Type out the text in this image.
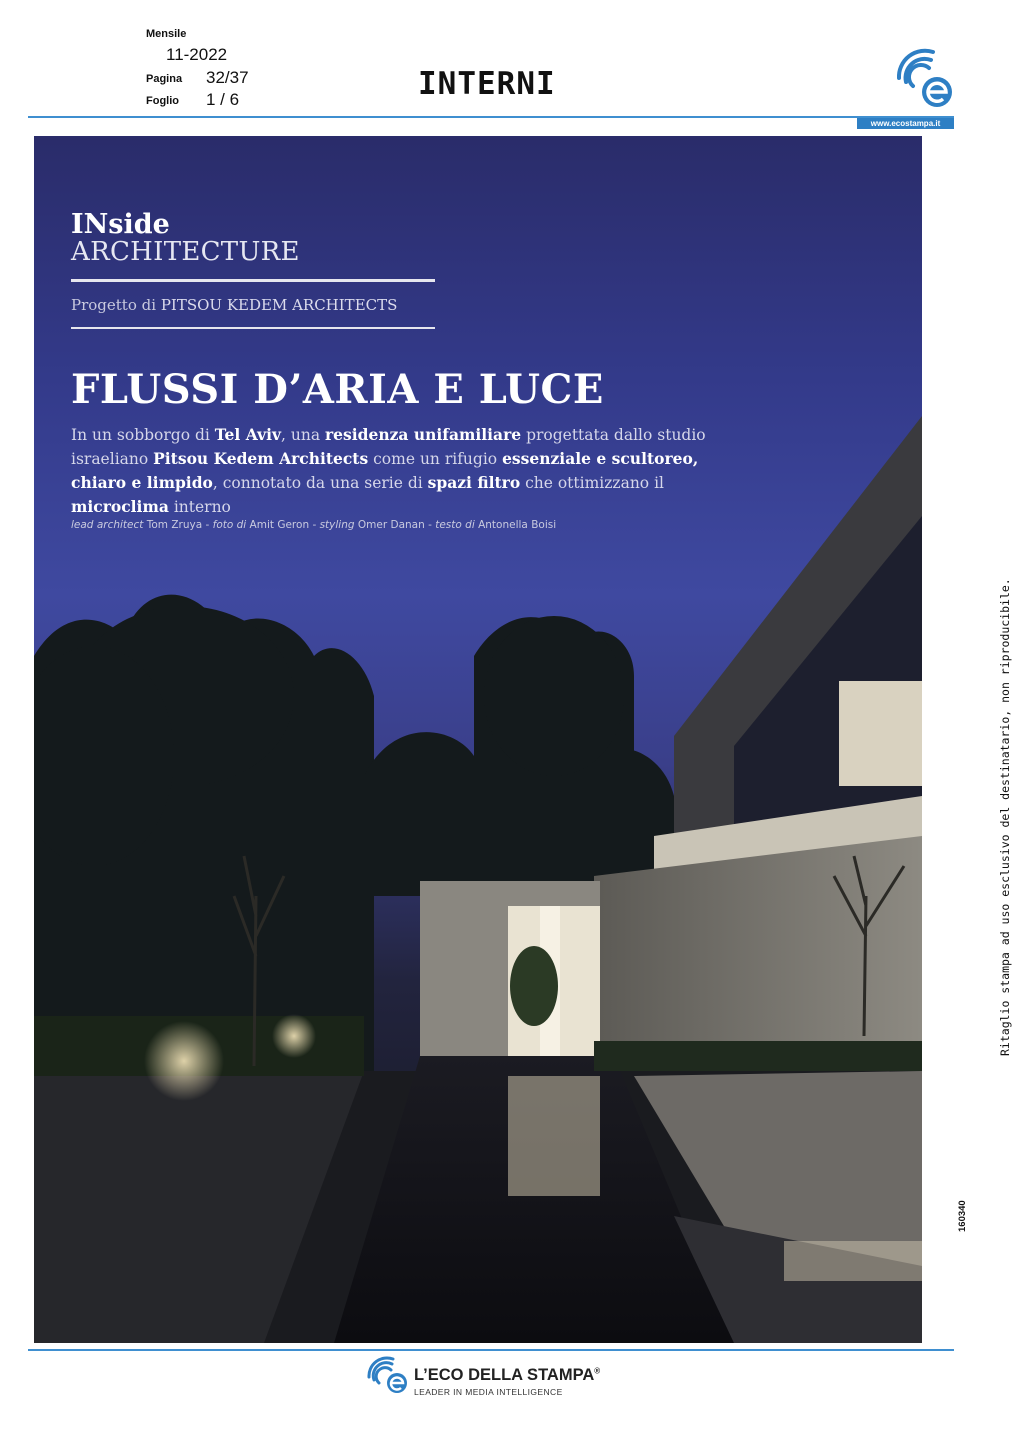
Mensile
11-2022
Pagina 32/37
Foglio 1 / 6	INTERNI
www.ecostampa.it
INside
ARCHITECTURE
Progetto di PITSOU KEDEM ARCHITECTS
FLUSSI D’ARIA E LUCE
In un sobborgo di Tel Aviv, una residenza unifamiliare progettata dallo studio israeliano Pitsou Kedem Architects come un rifugio essenziale e scultoreo, chiaro e limpido, connotato da una serie di spazi filtro che ottimizzano il microclima interno
lead architect Tom Zruya - foto di Amit Geron - styling Omer Danan - testo di Antonella Boisi
Ritaglio stampa ad uso esclusivo del destinatario, non riproducibile.
160340
L’ECO DELLA STAMPA®
LEADER IN MEDIA INTELLIGENCE
